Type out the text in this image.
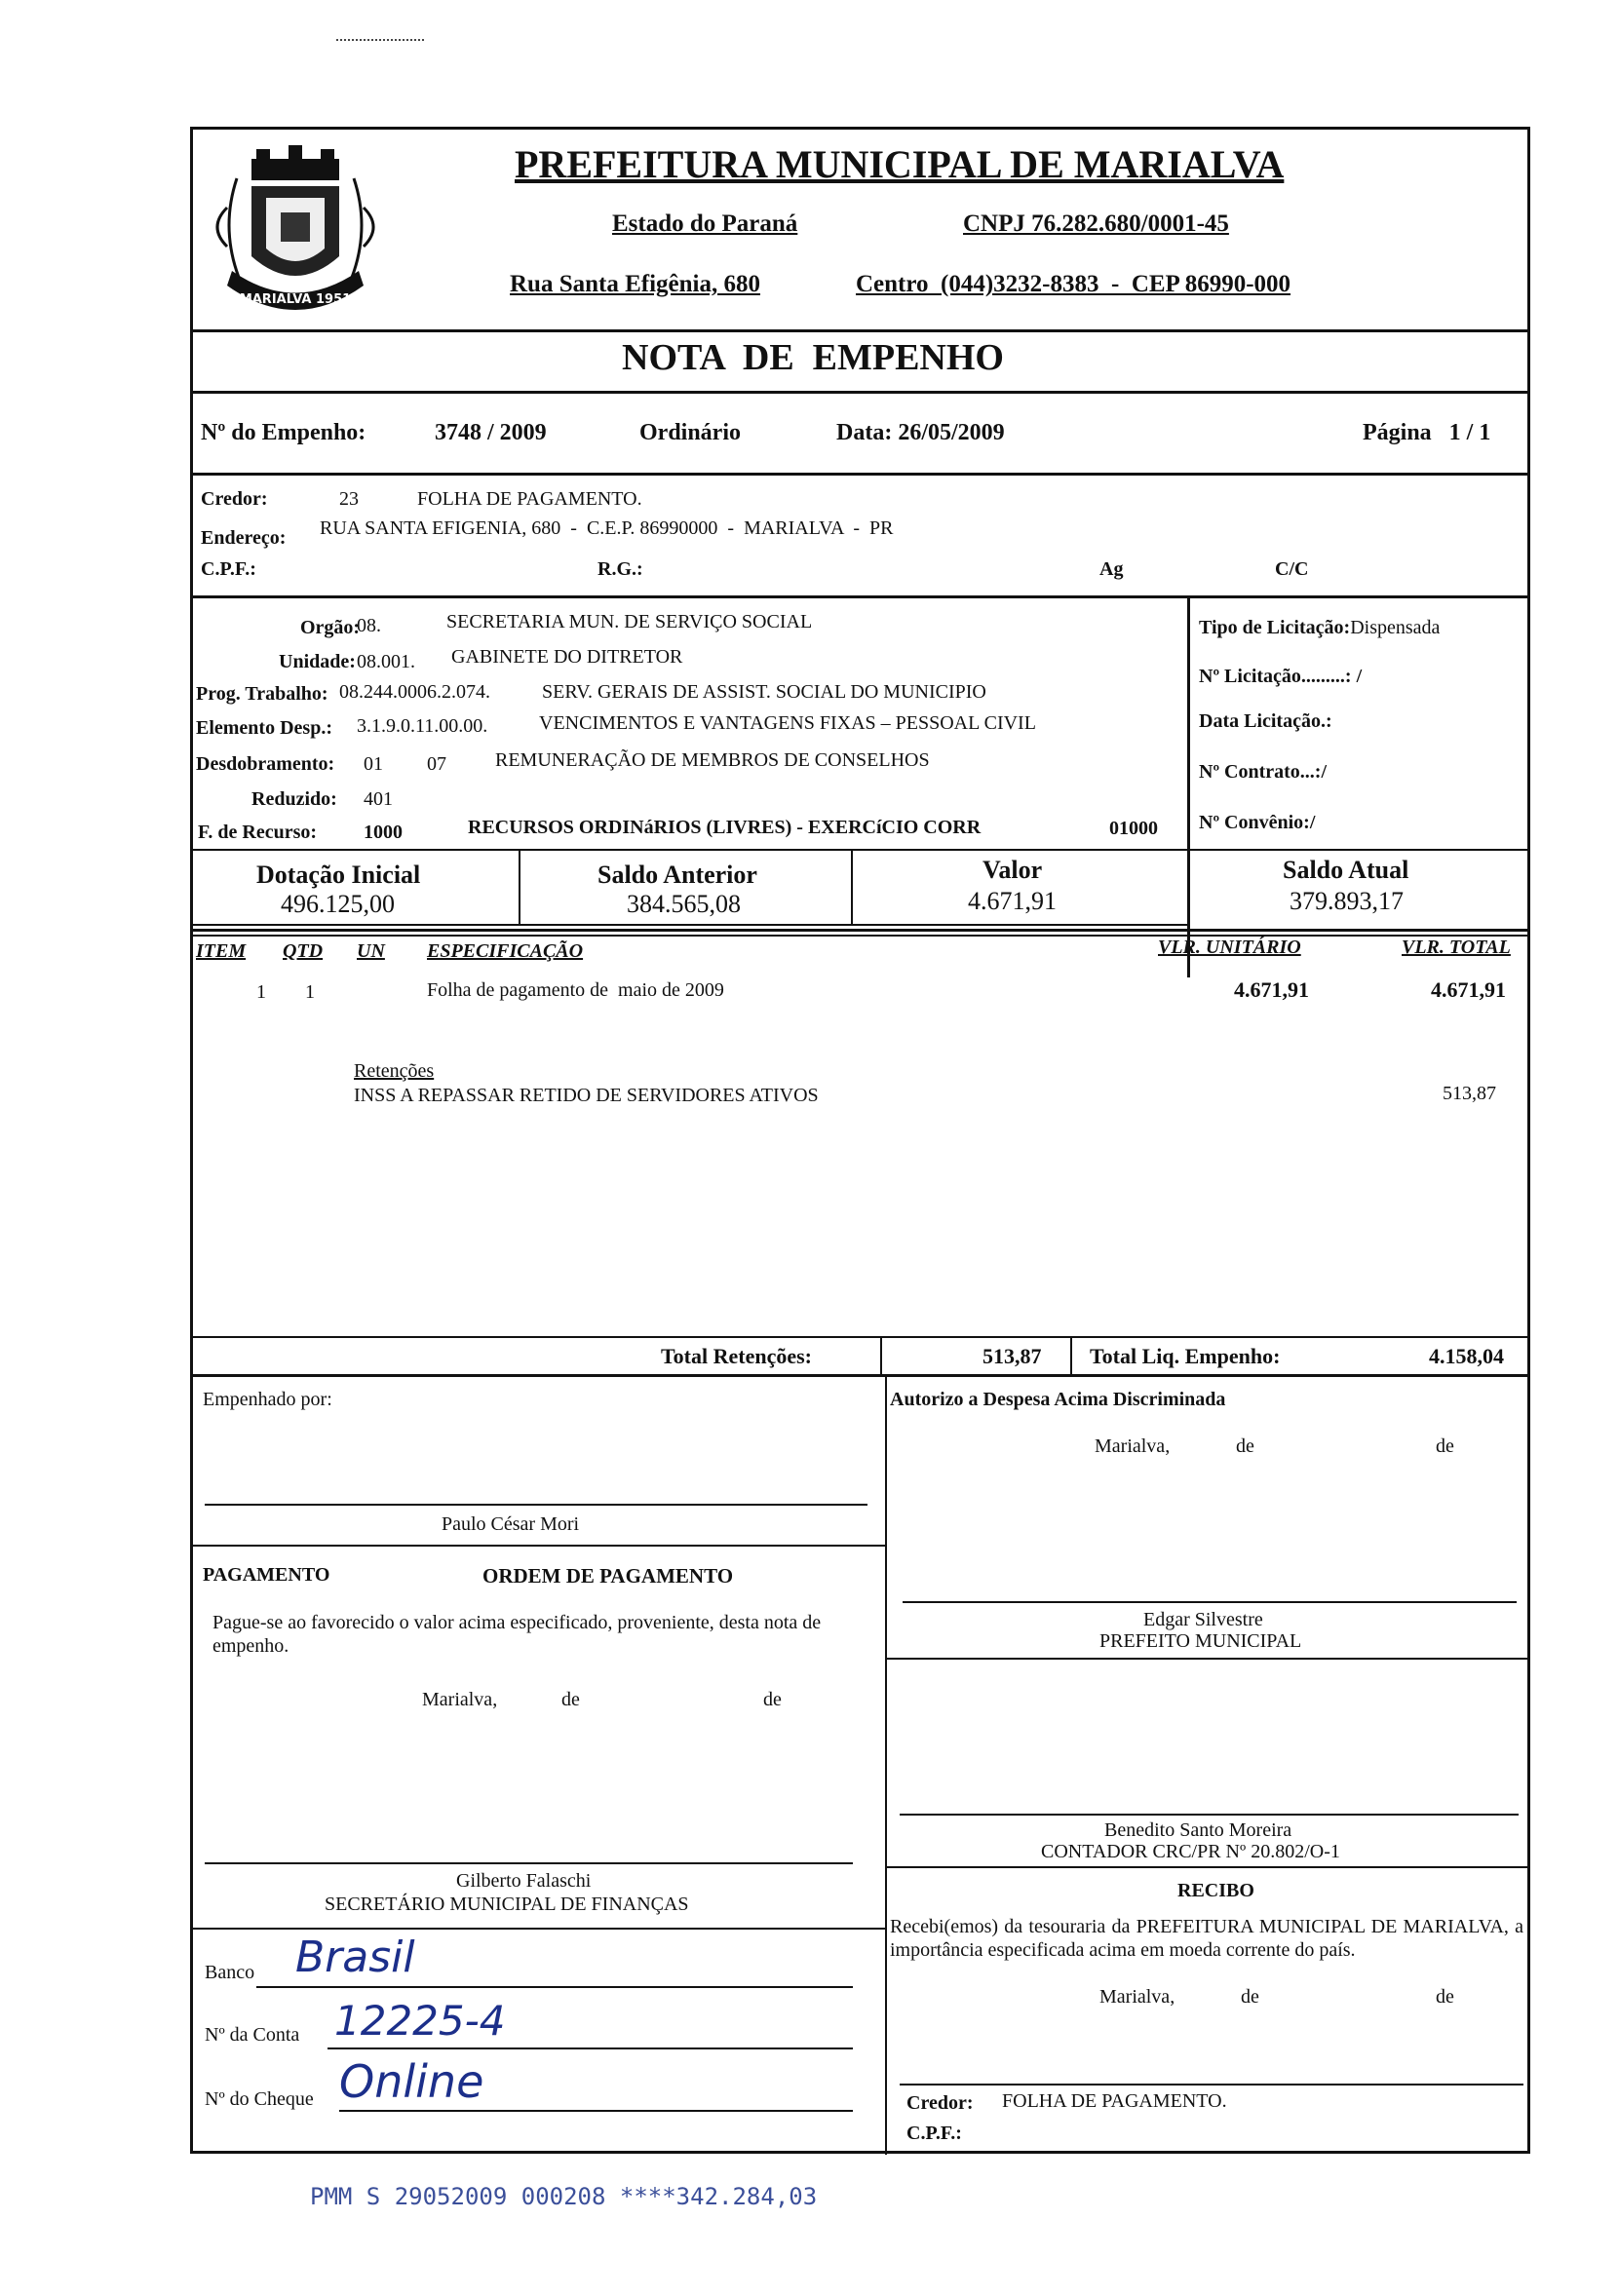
MARIALVA 1951
PREFEITURA MUNICIPAL DE MARIALVA
Estado do Paraná	CNPJ 76.282.680/0001-45
Rua Santa Efigênia, 680	Centro  (044)3232-8383  -  CEP 86990-000
NOTA  DE  EMPENHO
Nº do Empenho:	3748 / 2009	Ordinário	Data: 26/05/2009	Página   1 / 1
Credor:	23	FOLHA DE PAGAMENTO.
Endereço: RUA SANTA EFIGENIA, 680  -  C.E.P. 86990000  -  MARIALVA  -  PR
C.P.F.:	R.G.:	Ag	C/C
Orgão:
08.	SECRETARIA MUN. DE SERVIÇO SOCIAL
Unidade: 08.001. GABINETE DO DITRETOR
Prog. Trabalho: 08.244.0006.2.074.	SERV. GERAIS DE ASSIST. SOCIAL DO MUNICIPIO
Elemento Desp.: 3.1.9.0.11.00.00.	VENCIMENTOS E VANTAGENS FIXAS – PESSOAL CIVIL
Desdobramento: 01 07	REMUNERAÇÃO DE MEMBROS DE CONSELHOS
Reduzido: 401
F. de Recurso: 1000	RECURSOS ORDINáRIOS (LIVRES) - EXERCíCIO CORR	01000
Tipo de Licitação:Dispensada
Nº Licitação.........: /
Data Licitação.:
Nº Contrato...:/
Nº Convênio:/
Dotação Inicial
496.125,00
Saldo Anterior
384.565,08
Valor
4.671,91
Saldo Atual
379.893,17
ITEM QTD UN ESPECIFICAÇÃO	VLR. UNITÁRIO	VLR. TOTAL
1 1	Folha de pagamento de  maio de 2009	4.671,91	4.671,91
Retenções
INSS A REPASSAR RETIDO DE SERVIDORES ATIVOS	513,87
Total Retenções:	513,87 Total Liq. Empenho:	4.158,04
Empenhado por:
Paulo César Mori
Autorizo a Despesa Acima Discriminada
Marialva,	de	de
Edgar Silvestre
PREFEITO MUNICIPAL
PAGAMENTO	ORDEM DE PAGAMENTO
Pague-se ao favorecido o valor acima especificado, proveniente, desta nota de empenho.
Marialva,	de	de
Gilberto Falaschi
SECRETÁRIO MUNICIPAL DE FINANÇAS
Benedito Santo Moreira
CONTADOR CRC/PR Nº 20.802/O-1
RECIBO
Recebi(emos) da tesouraria da PREFEITURA MUNICIPAL DE MARIALVA, a importância especificada acima em moeda corrente do país.
Marialva,	de	de
Credor: FOLHA DE PAGAMENTO.
C.P.F.:
Banco Brasil
Nº da Conta 12225-4
Nº do Cheque Online
PMM S 29052009 000208 ****342.284,03
